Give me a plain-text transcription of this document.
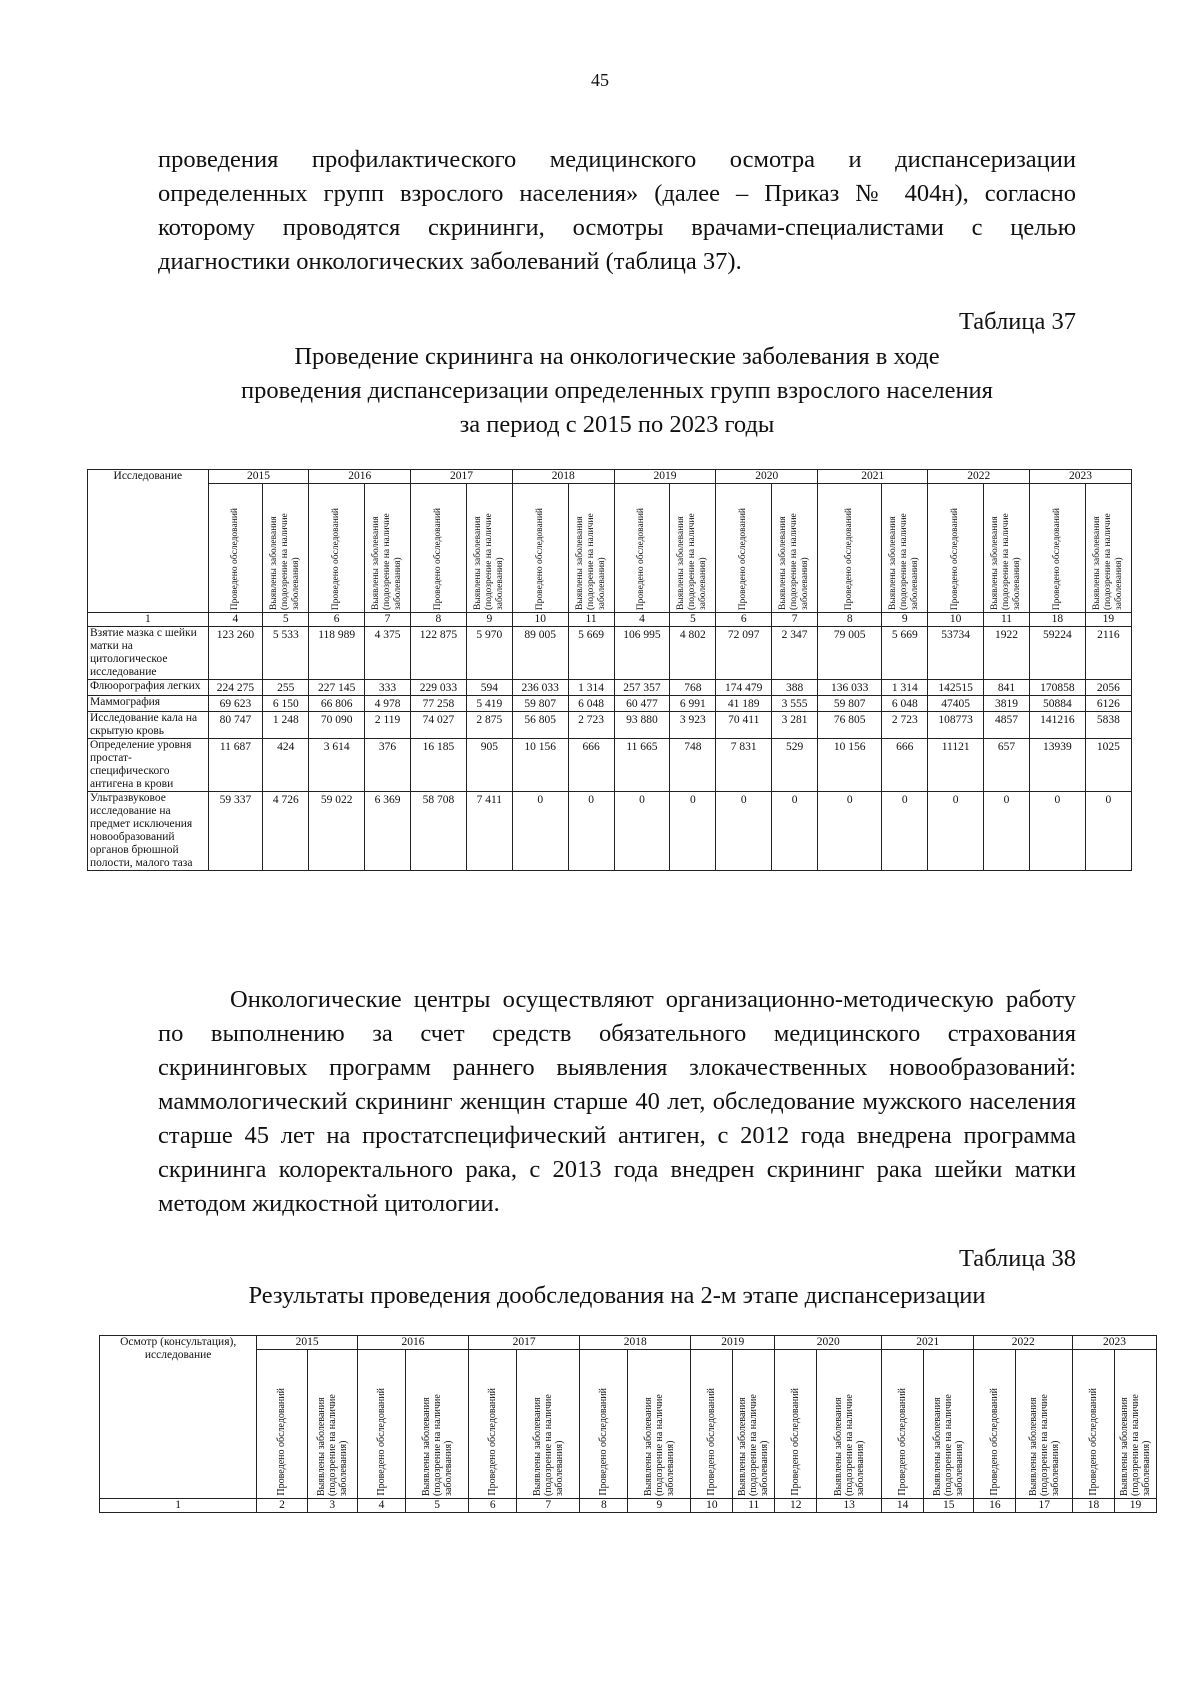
45
проведения профилактического медицинского осмотра и диспансеризации определенных групп взрослого населения» (далее – Приказ № 404н), согласно которому проводятся скрининги, осмотры врачами-специалистами с целью диагностики онкологических заболеваний (таблица 37).
Таблица 37
Проведение скрининга на онкологические заболевания в ходе
проведения диспансеризации определенных групп взрослого населения
за период с 2015 по 2023 годы
Исследование	2015		2016		2017		2018		2019		2020		2021		2022		2023	

	Проведено обследований	Выявлены заболевания (подозрение на наличие заболевания)	Проведено обследований	Выявлены заболевания (подозрение на наличие заболевания)	Проведено обследований	Выявлены заболевания (подозрение на наличие заболевания)	Проведено обследований	Выявлены заболевания (подозрение на наличие заболевания)	Проведено обследований	Выявлены заболевания (подозрение на наличие заболевания)	Проведено обследований	Выявлены заболевания (подозрение на наличие заболевания)	Проведено обследований	Выявлены заболевания (подозрение на наличие заболевания)	Проведено обследований	Выявлены заболевания (подозрение на наличие заболевания)	Проведено обследований	Выявлены заболевания (подозрение на наличие заболевания)

1	4	5	6	7	8	9	10	11	4	5	6	7	8	9	10	11	18	19
Взятие мазка с шейки матки на цитологическое исследование	123 260	5 533	118 989	4 375	122 875	5 970	89 005	5 669	106 995	4 802	72 097	2 347	79 005	5 669	53734	1922	59224	2116
Флюорография легких	224 275	255	227 145	333	229 033	594	236 033	1 314	257 357	768	174 479	388	136 033	1 314	142515	841	170858	2056
Маммография	69 623	6 150	66 806	4 978	77 258	5 419	59 807	6 048	60 477	6 991	41 189	3 555	59 807	6 048	47405	3819	50884	6126
Исследование кала на скрытую кровь	80 747	1 248	70 090	2 119	74 027	2 875	56 805	2 723	93 880	3 923	70 411	3 281	76 805	2 723	108773	4857	141216	5838
Определение уровня простат-специфического антигена в крови	11 687	424	3 614	376	16 185	905	10 156	666	11 665	748	7 831	529	10 156	666	11121	657	13939	1025
Ультразвуковое исследование на предмет исключения новообразований органов брюшной полости, малого таза	59 337	4 726	59 022	6 369	58 708	7 411	0	0	0	0	0	0	0	0	0	0	0	0
Онкологические центры осуществляют организационно-методическую работу по выполнению за счет средств обязательного медицинского страхования скрининговых программ раннего выявления злокачественных новообразований: маммологический скрининг женщин старше 40 лет, обследование мужского населения старше 45 лет на простатспецифический антиген, с 2012 года внедрена программа скрининга колоректального рака, с 2013 года внедрен скрининг рака шейки матки методом жидкостной цитологии.
Таблица 38
Результаты проведения дообследования на 2-м этапе диспансеризации
Осмотр (консультация), исследование	2015		2016		2017		2018		2019		2020		2021		2022		2023	

	Проведено обследований	Выявлены заболевания (подозрение на наличие заболевания)	Проведено обследований	Выявлены заболевания (подозрение на наличие заболевания)	Проведено обследований	Выявлены заболевания (подозрение на наличие заболевания)	Проведено обследований	Выявлены заболевания (подозрение на наличие заболевания)	Проведено обследований	Выявлены заболевания (подозрение на наличие заболевания)	Проведено обследований	Выявлены заболевания (подозрение на наличие заболевания)	Проведено обследований	Выявлены заболевания (подозрение на наличие заболевания)	Проведено обследований	Выявлены заболевания (подозрение на наличие заболевания)	Проведено обследований	Выявлены заболевания (подозрение на наличие заболевания)

1	2	3	4	5	6	7	8	9	10	11	12	13	14	15	16	17	18	19
